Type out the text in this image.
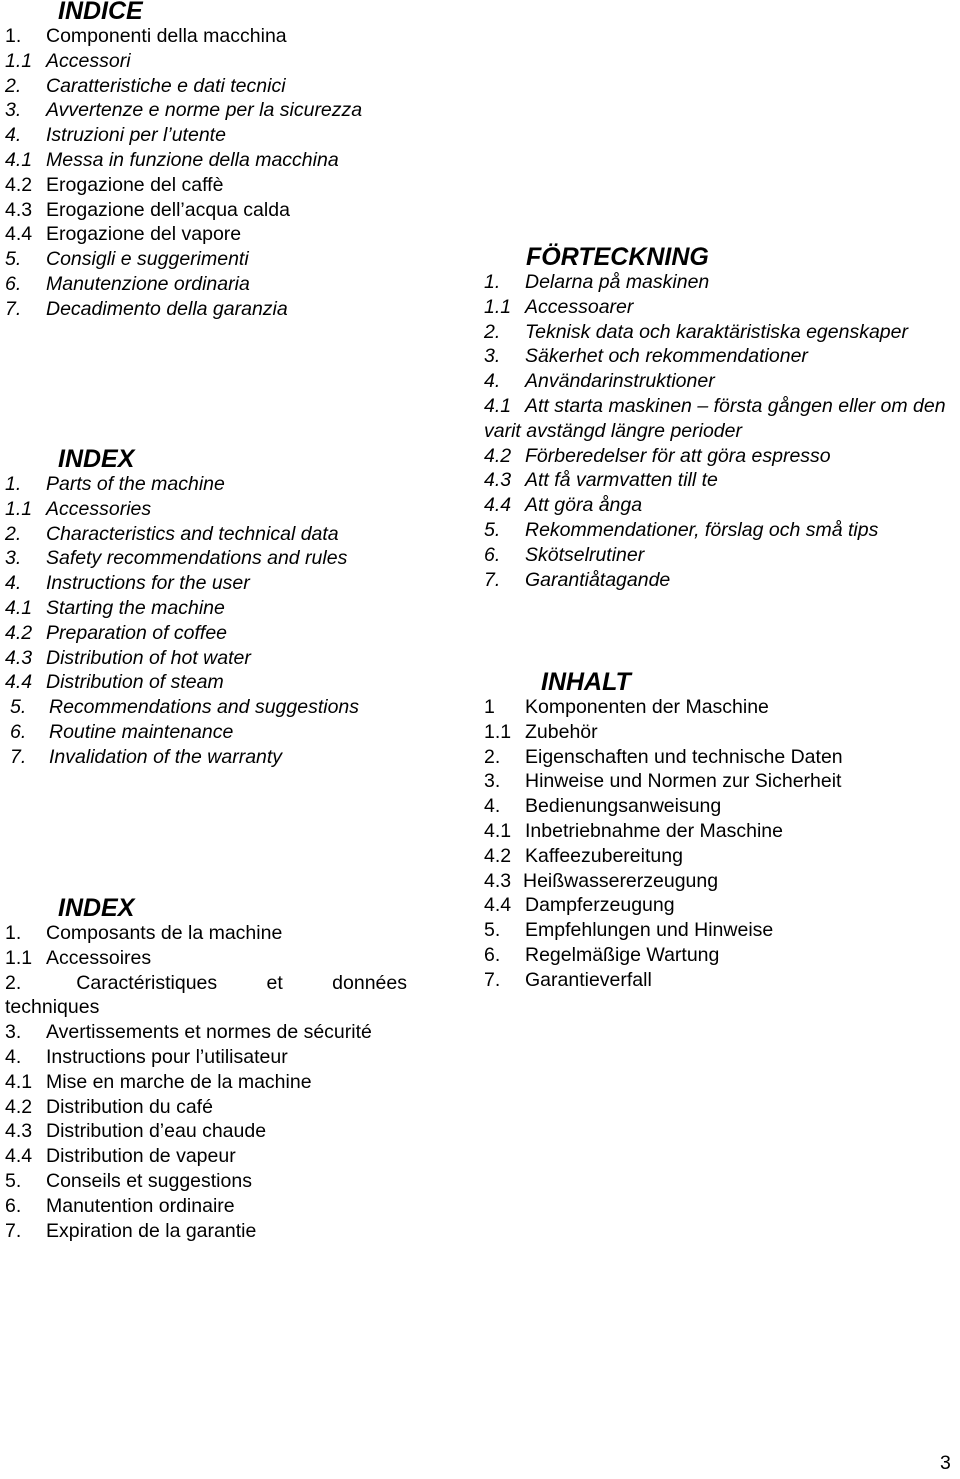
INDICE
1.	Componenti della macchina
1.1 Accessori
2.	Caratteristiche e dati tecnici
3.	Avvertenze e norme per la sicurezza
4.	Istruzioni per l’utente
4.1 Messa in funzione della macchina
4.2 Erogazione del caffè
4.3 Erogazione dell’acqua calda
4.4 Erogazione del vapore
5.	Consigli e suggerimenti
6.	Manutenzione ordinaria
7.	Decadimento della garanzia
INDEX
1.	Parts of the machine
1.1 Accessories
2.	Characteristics and technical data
3.	Safety recommendations and rules
4.	Instructions for the user
4.1 Starting the machine
4.2 Preparation of coffee
4.3 Distribution of hot water
4.4 Distribution of steam
5.	Recommendations and suggestions
6.	Routine maintenance
7.	Invalidation of the warranty
INDEX
1.	Composants de la machine
1.1 Accessoires
2.	Caractéristiques et données techniques
3.	Avertissements et normes de sécurité
4.	Instructions pour l’utilisateur
4.1 Mise en marche de la machine
4.2 Distribution du café
4.3 Distribution d’eau chaude
4.4 Distribution de vapeur
5.	Conseils et suggestions
6.	Manutention ordinaire
7.	Expiration de la garantie
FÖRTECKNING
1.	Delarna på maskinen
1.1 Accessoarer
2.	Teknisk data och karaktäristiska egenskaper
3.	Säkerhet och rekommendationer
4.	Användarinstruktioner
4.1 Att starta maskinen – första gången eller om den varit avstängd längre perioder
4.2 Förberedelser för att göra espresso
4.3 Att få varmvatten till te
4.4 Att göra ånga
5.	Rekommendationer, förslag och små tips
6.	Skötselrutiner
7.	Garantiåtagande
INHALT
1	Komponenten der Maschine
1.1 Zubehör
2.	Eigenschaften und technische Daten
3.	Hinweise und Normen zur Sicherheit
4.	Bedienungsanweisung
4.1 Inbetriebnahme der Maschine
4.2 Kaffeezubereitung
4.3 Heißwassererzeugung
4.4 Dampferzeugung
5.	Empfehlungen und Hinweise
6.	Regelmäßige Wartung
7.	Garantieverfall
3
